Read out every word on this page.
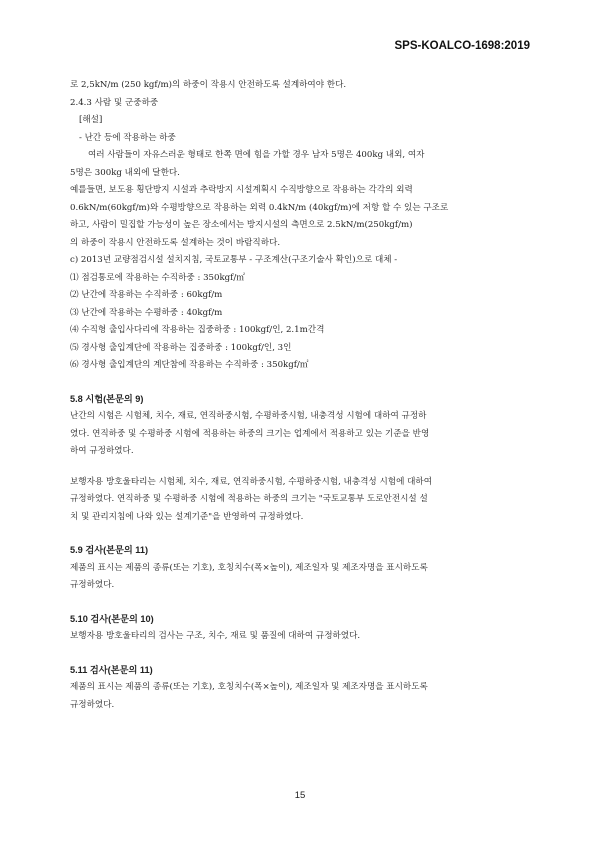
SPS-KOALCO-1698:2019
로 2,5kN/m (250 kgf/m)의 하중이 작용시 안전하도록 설계하여야 한다.
2.4.3 사람 및 군중하중
[해설]
- 난간 등에 작용하는 하중
여러 사람들이 자유스러운 형태로 한쪽 면에 힘을 가할 경우 남자 5명은 400kg 내외, 여자
5명은 300kg 내외에 달한다.
예를들면, 보도용 횡단방지 시설과 추락방지 시설계획시 수직방향으로 작용하는 각각의 외력
0.6kN/m(60kgf/m)와 수평방향으로 작용하는 외력 0.4kN/m (40kgf/m)에 저항 할 수 있는 구조로
하고, 사람이 밀집할 가능성이 높은 장소에서는 방지시설의 측면으로 2.5kN/m(250kgf/m)
의 하중이 작용시 안전하도록 설계하는 것이 바람직하다.
c) 2013년 교량점검시설 설치지침, 국토교통부 - 구조계산(구조기술사 확인)으로 대체 -
⑴ 점검통로에 작용하는 수직하중 : 350kgf/㎡
⑵ 난간에 작용하는 수직하중 : 60kgf/m
⑶ 난간에 작용하는 수평하중 : 40kgf/m
⑷ 수직형 출입사다리에 작용하는 집중하중 : 100kgf/인, 2.1m간격
⑸ 경사형 출입계단에 작용하는 집중하중 : 100kgf/인, 3인
⑹ 경사형 출입계단의 계단참에 작용하는 수직하중 : 350kgf/㎡
5.8 시험(본문의 9)
난간의 시험은 시험체, 치수, 재료, 연직하중시험, 수평하중시험, 내충격성 시험에 대하여 규정하
였다. 연직하중 및 수평하중 시험에 적용하는 하중의 크기는 업계에서 적용하고 있는 기준을 반영
하여 규정하였다.
보행자용 방호울타리는 시험체, 치수, 재료, 연직하중시험, 수평하중시험, 내충격성 시험에 대하여
규정하였다. 연직하중 및 수평하중 시험에 적용하는 하중의 크기는 "국토교통부 도로안전시설 설
치 및 관리지침에 나와 있는 설계기준"을 반영하여 규정하였다.
5.9 검사(본문의 11)
제품의 표시는 제품의 종류(또는 기호), 호칭치수(폭×높이), 제조일자 및 제조자명을 표시하도록
규정하였다.
5.10 검사(본문의 10)
보행자용 방호울타리의 검사는 구조, 치수, 재료 및 품질에 대하여 규정하였다.
5.11 검사(본문의 11)
제품의 표시는 제품의 종류(또는 기호), 호칭치수(폭×높이), 제조일자 및 제조자명을 표시하도록
규정하였다.
15
